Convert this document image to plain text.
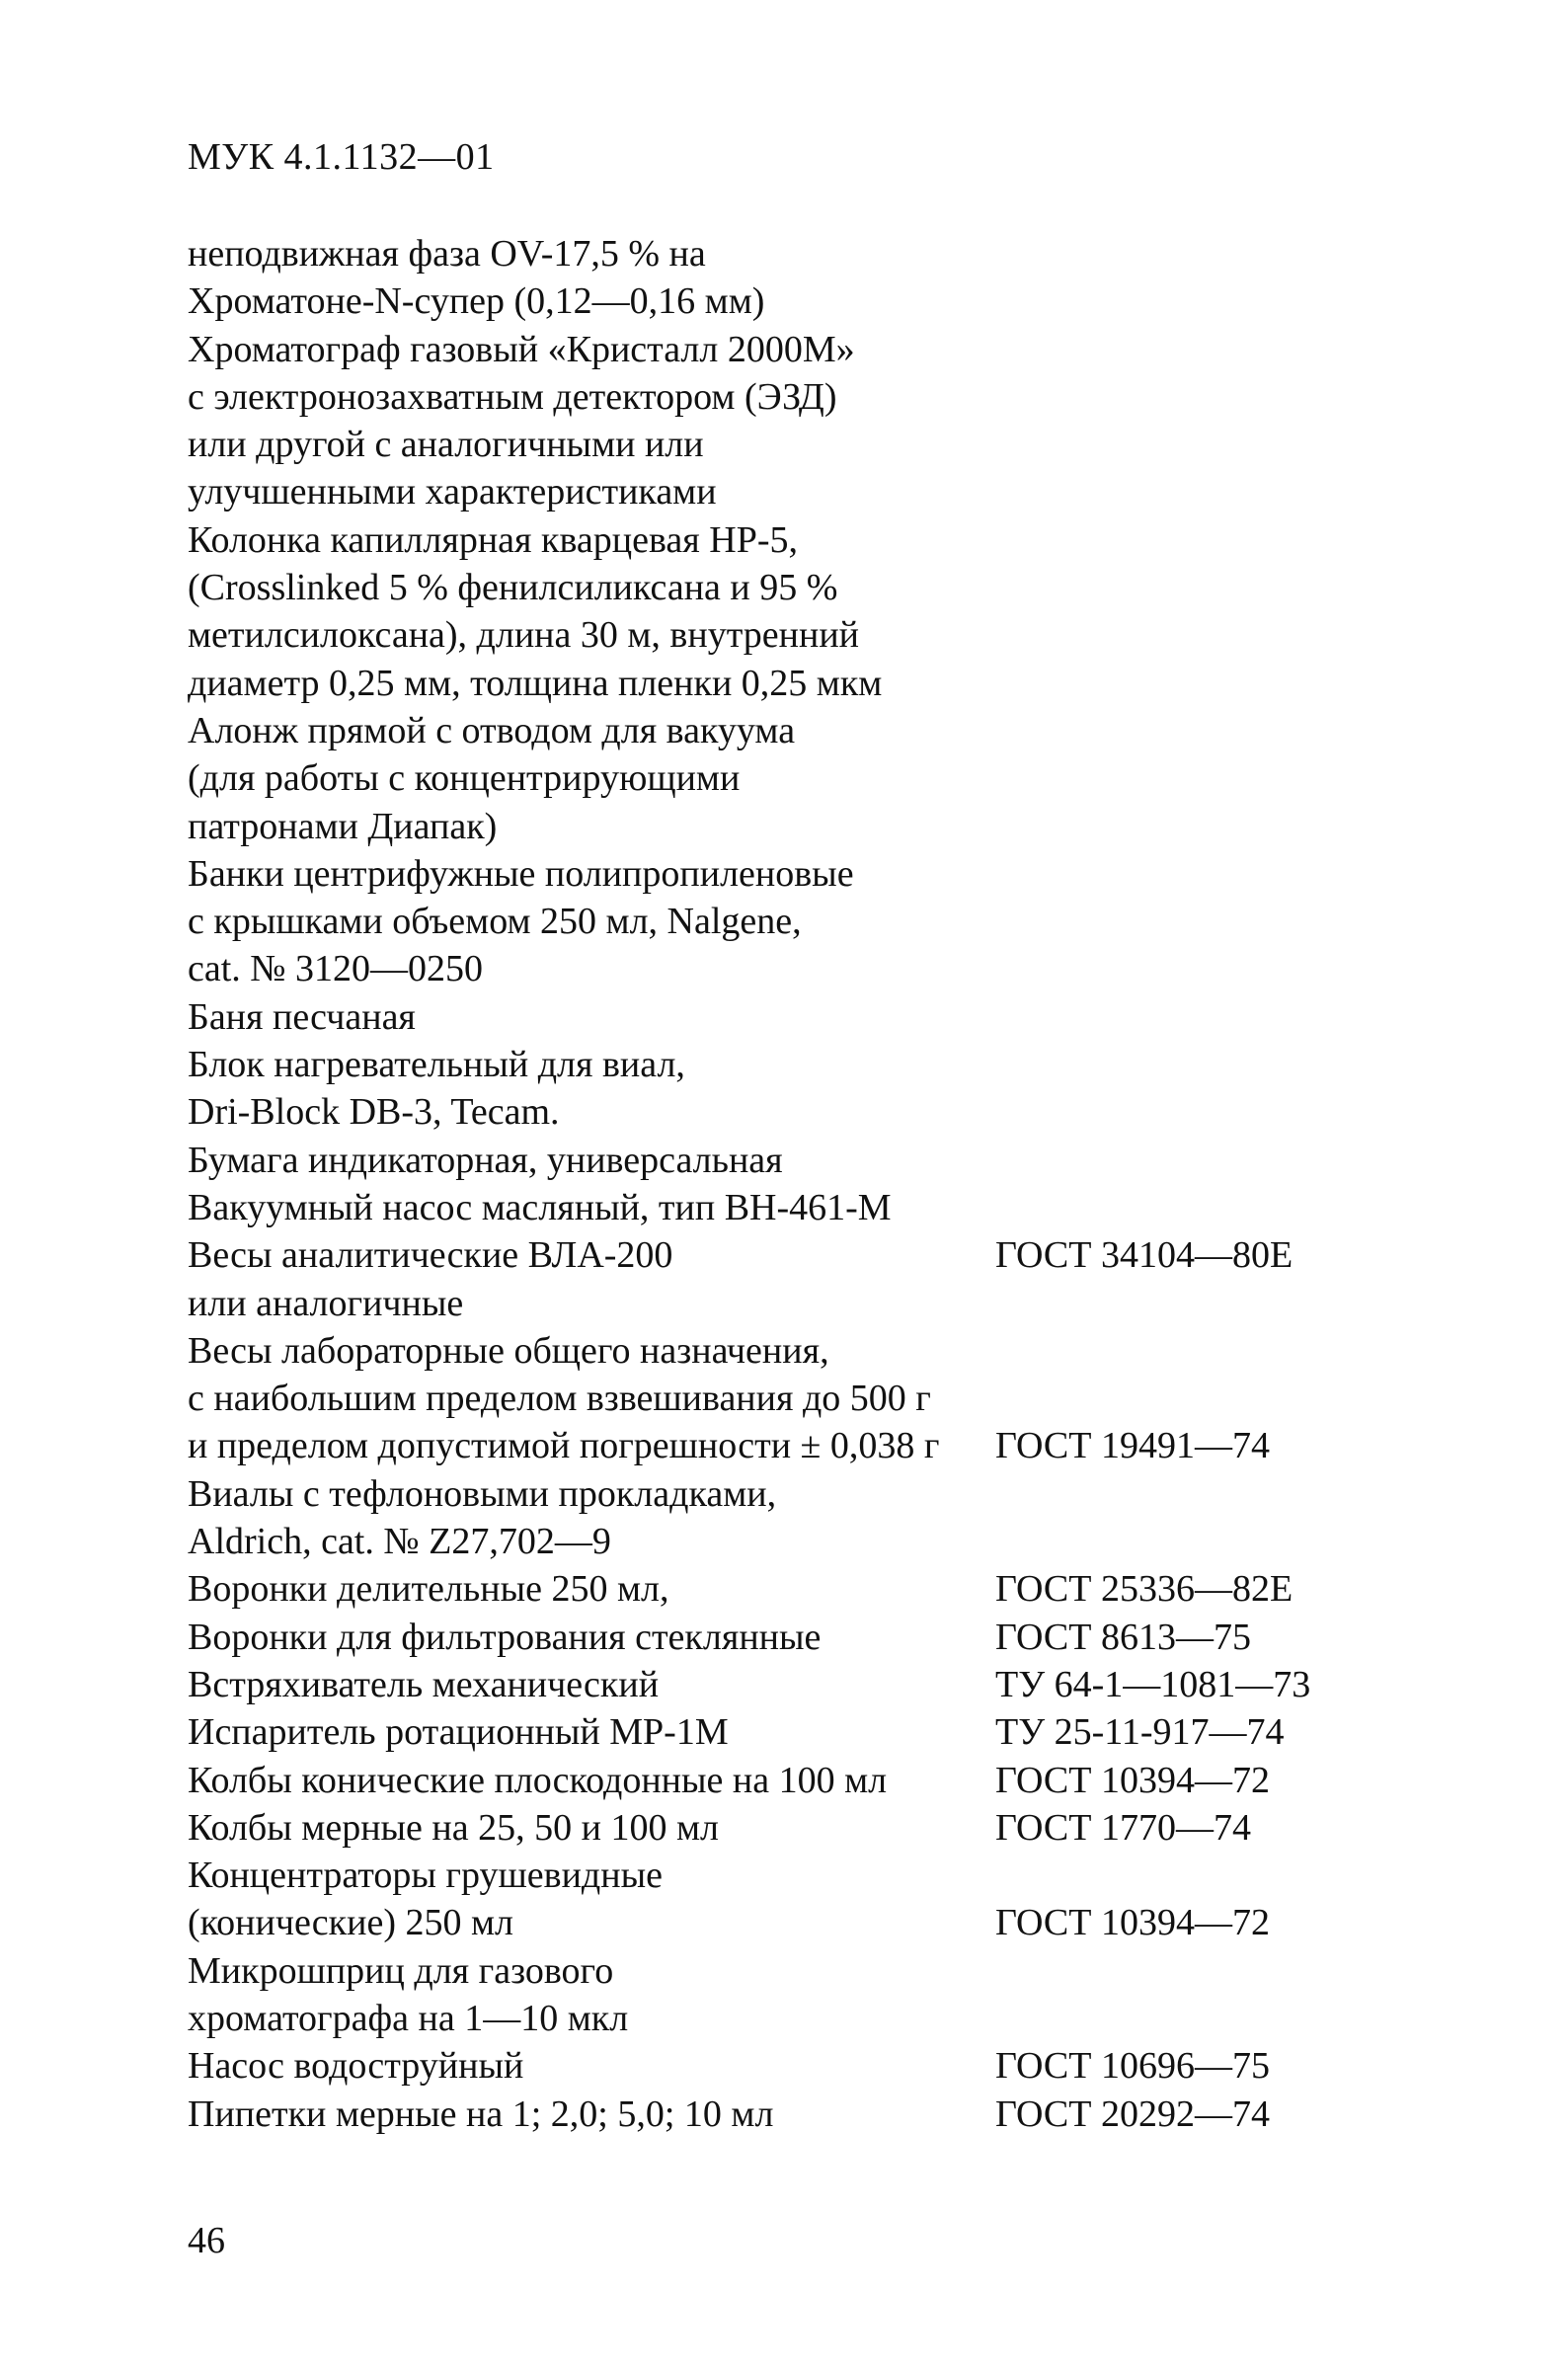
МУК 4.1.1132—01
неподвижная фаза OV-17,5 % на
Хроматоне-N-супер (0,12—0,16 мм)
Хроматограф газовый «Кристалл 2000М»
с электронозахватным детектором (ЭЗД)
или другой с аналогичными или
улучшенными характеристиками
Колонка капиллярная кварцевая HP-5,
(Crosslinked 5 % фенилсиликсана и 95 %
метилсилоксана), длина 30 м, внутренний
диаметр 0,25 мм, толщина пленки 0,25 мкм
Алонж прямой с отводом для вакуума
(для работы с концентрирующими
патронами Диапак)
Банки центрифужные полипропиленовые
с крышками объемом 250 мл, Nalgene,
cat. № 3120—0250
Баня песчаная
Блок нагревательный для виал,
Dri-Block DB-3, Tecam.
Бумага индикаторная, универсальная
Вакуумный насос масляный, тип ВН-461-М
Весы аналитические ВЛА-200	ГОСТ 34104—80Е
или аналогичные
Весы лабораторные общего назначения,
с наибольшим пределом взвешивания до 500 г
и пределом допустимой погрешности ± 0,038 г ГОСТ 19491—74
Виалы с тефлоновыми прокладками,
Aldrich, cat. № Z27,702—9
Воронки делительные 250 мл,	ГОСТ 25336—82Е
Воронки для фильтрования стеклянные	ГОСТ 8613—75
Встряхиватель механический	ТУ 64-1—1081—73
Испаритель ротационный МР-1М	ТУ 25-11-917—74
Колбы конические плоскодонные на 100 мл	ГОСТ 10394—72
Колбы мерные на 25, 50 и 100 мл	ГОСТ 1770—74
Концентраторы грушевидные
(конические) 250 мл	ГОСТ 10394—72
Микрошприц для газового
хроматографа на 1—10 мкл
Насос водоструйный	ГОСТ 10696—75
Пипетки мерные на 1; 2,0; 5,0; 10 мл	ГОСТ 20292—74
46
